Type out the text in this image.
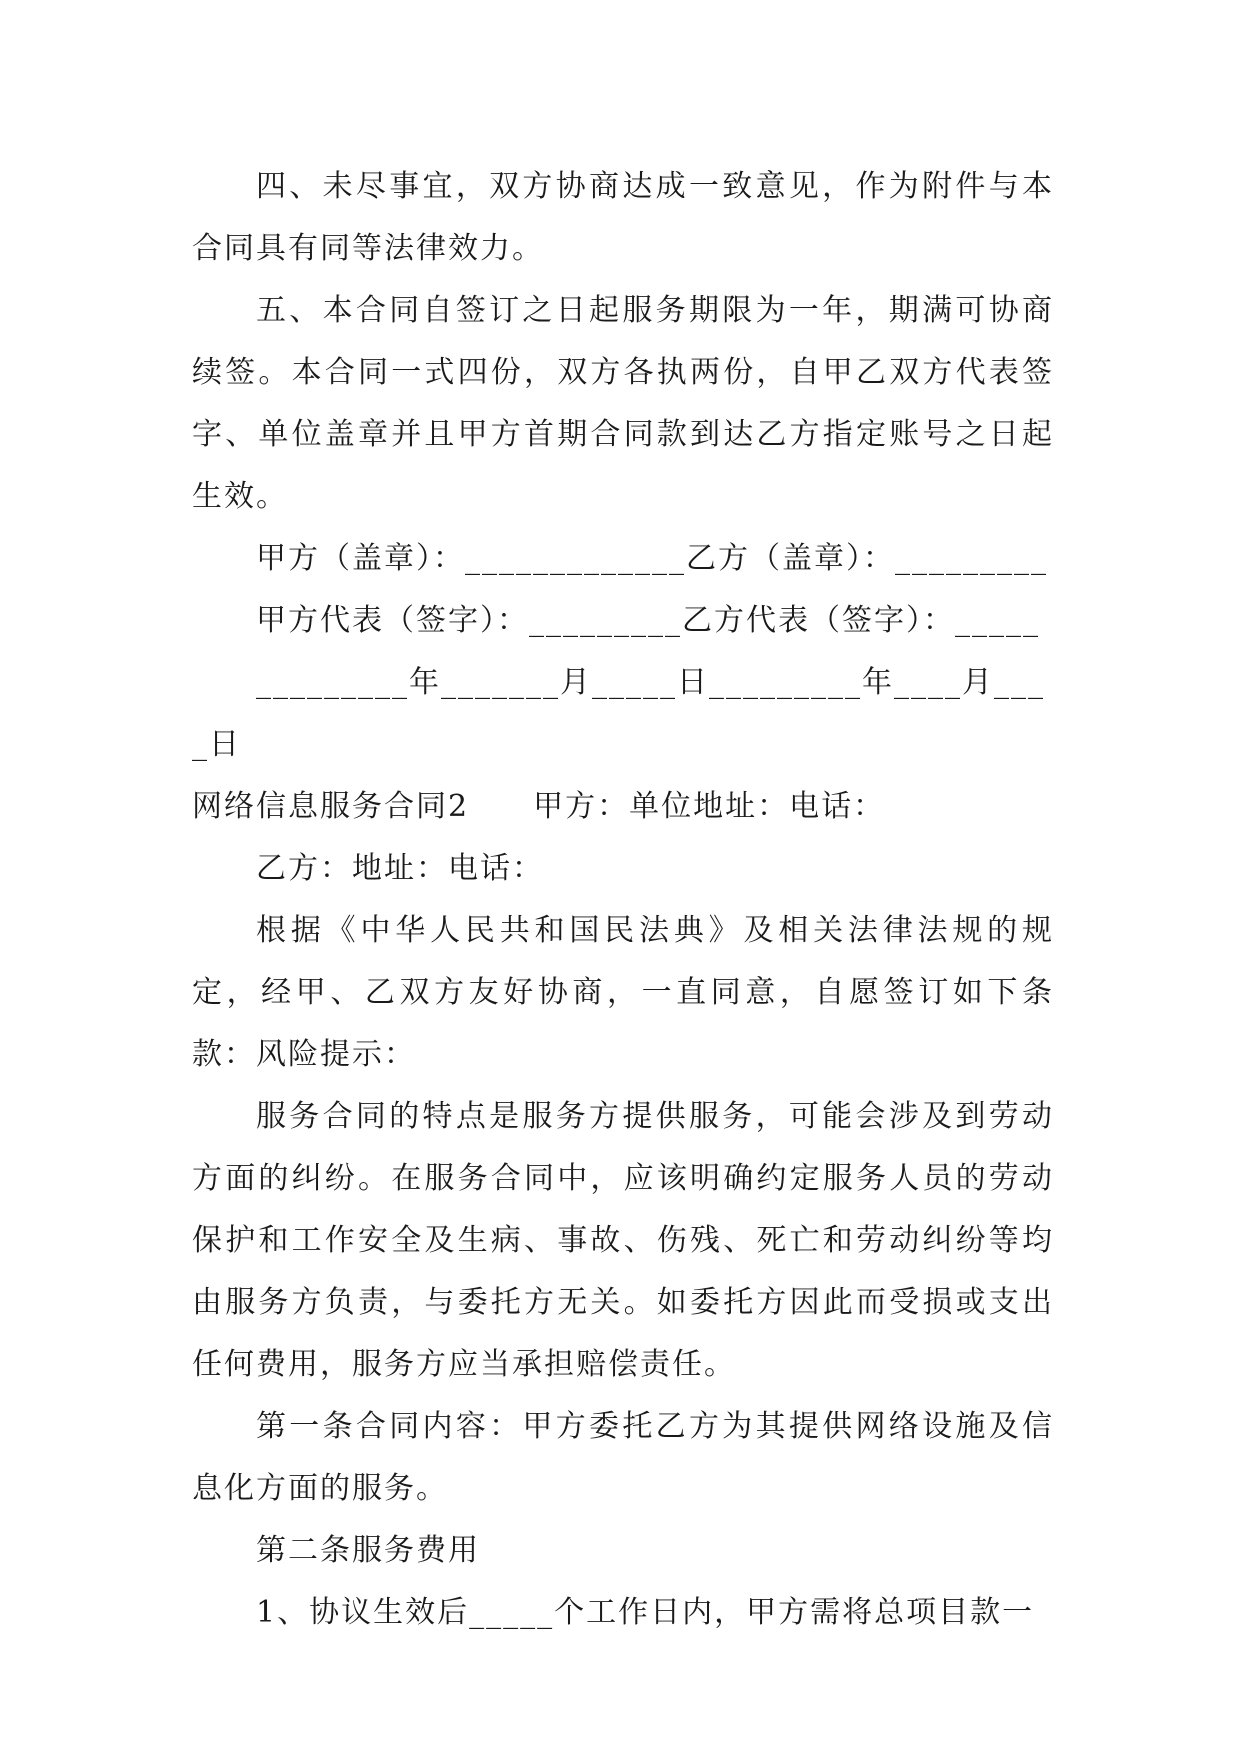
四、未尽事宜，双方协商达成一致意见，作为附件与本合同具有同等法律效力。

五、本合同自签订之日起服务期限为一年，期满可协商续签。本合同一式四份，双方各执两份，自甲乙双方代表签字、单位盖章并且甲方首期合同款到达乙方指定账号之日起生效。

甲方（盖章）：_____________乙方（盖章）：_________

甲方代表（签字）：_________乙方代表（签字）：_____

_________年_______月_____日_________年____月____日

网络信息服务合同2　　甲方：单位地址：电话：

乙方：地址：电话：

根据《中华人民共和国民法典》及相关法律法规的规定，经甲、乙双方友好协商，一直同意，自愿签订如下条款：风险提示：

服务合同的特点是服务方提供服务，可能会涉及到劳动方面的纠纷。在服务合同中，应该明确约定服务人员的劳动保护和工作安全及生病、事故、伤残、死亡和劳动纠纷等均由服务方负责，与委托方无关。如委托方因此而受损或支出任何费用，服务方应当承担赔偿责任。

第一条合同内容：甲方委托乙方为其提供网络设施及信息化方面的服务。

第二条服务费用

1、协议生效后_____个工作日内，甲方需将总项目款一
